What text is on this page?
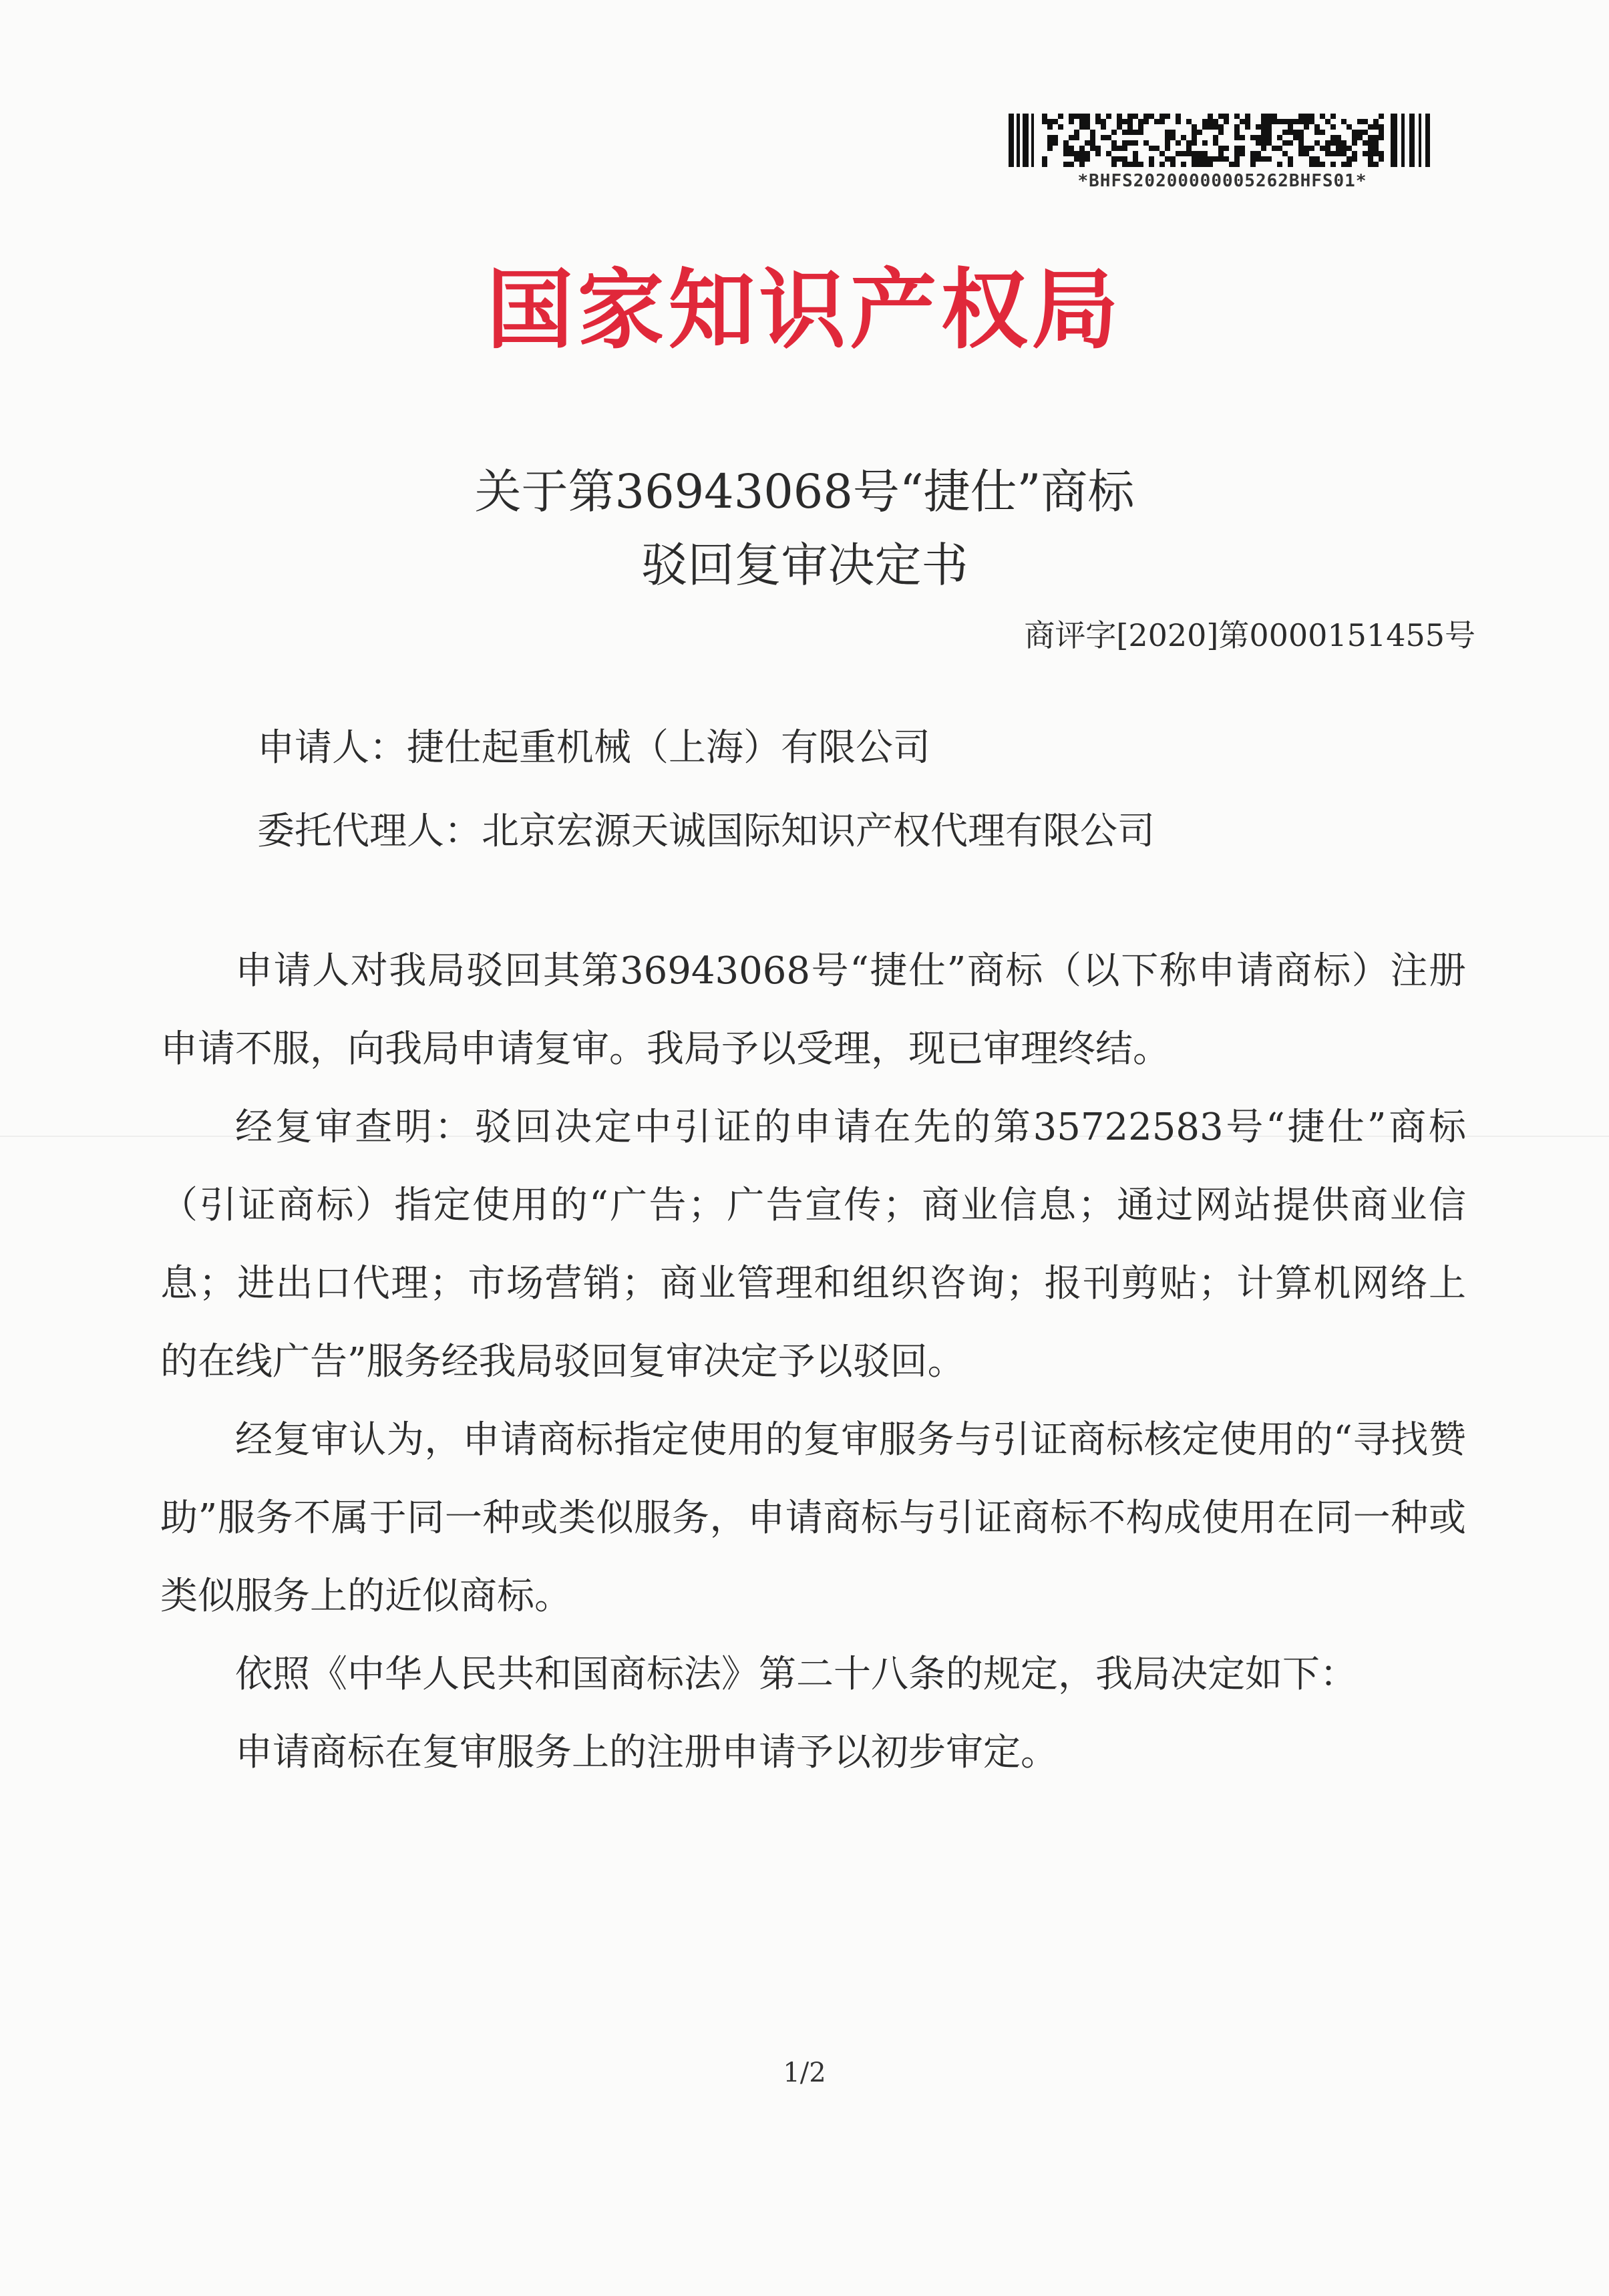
*BHFS20200000005262BHFS01*
国家知识产权局
关于第36943068号“捷仕”商标
驳回复审决定书
商评字[2020]第0000151455号
申请人：捷仕起重机械（上海）有限公司
委托代理人：北京宏源天诚国际知识产权代理有限公司

申请人对我局驳回其第36943068号“捷仕”商标（以下称申请商标）注册申请不服，向我局申请复审。我局予以受理，现已审理终结。

经复审查明：驳回决定中引证的申请在先的第35722583号“捷仕”商标（引证商标）指定使用的“广告；广告宣传；商业信息；通过网站提供商业信息；进出口代理；市场营销；商业管理和组织咨询；报刊剪贴；计算机网络上的在线广告”服务经我局驳回复审决定予以驳回。

经复审认为，申请商标指定使用的复审服务与引证商标核定使用的“寻找赞助”服务不属于同一种或类似服务，申请商标与引证商标不构成使用在同一种或类似服务上的近似商标。

依照《中华人民共和国商标法》第二十八条的规定，我局决定如下：

申请商标在复审服务上的注册申请予以初步审定。

1/2
